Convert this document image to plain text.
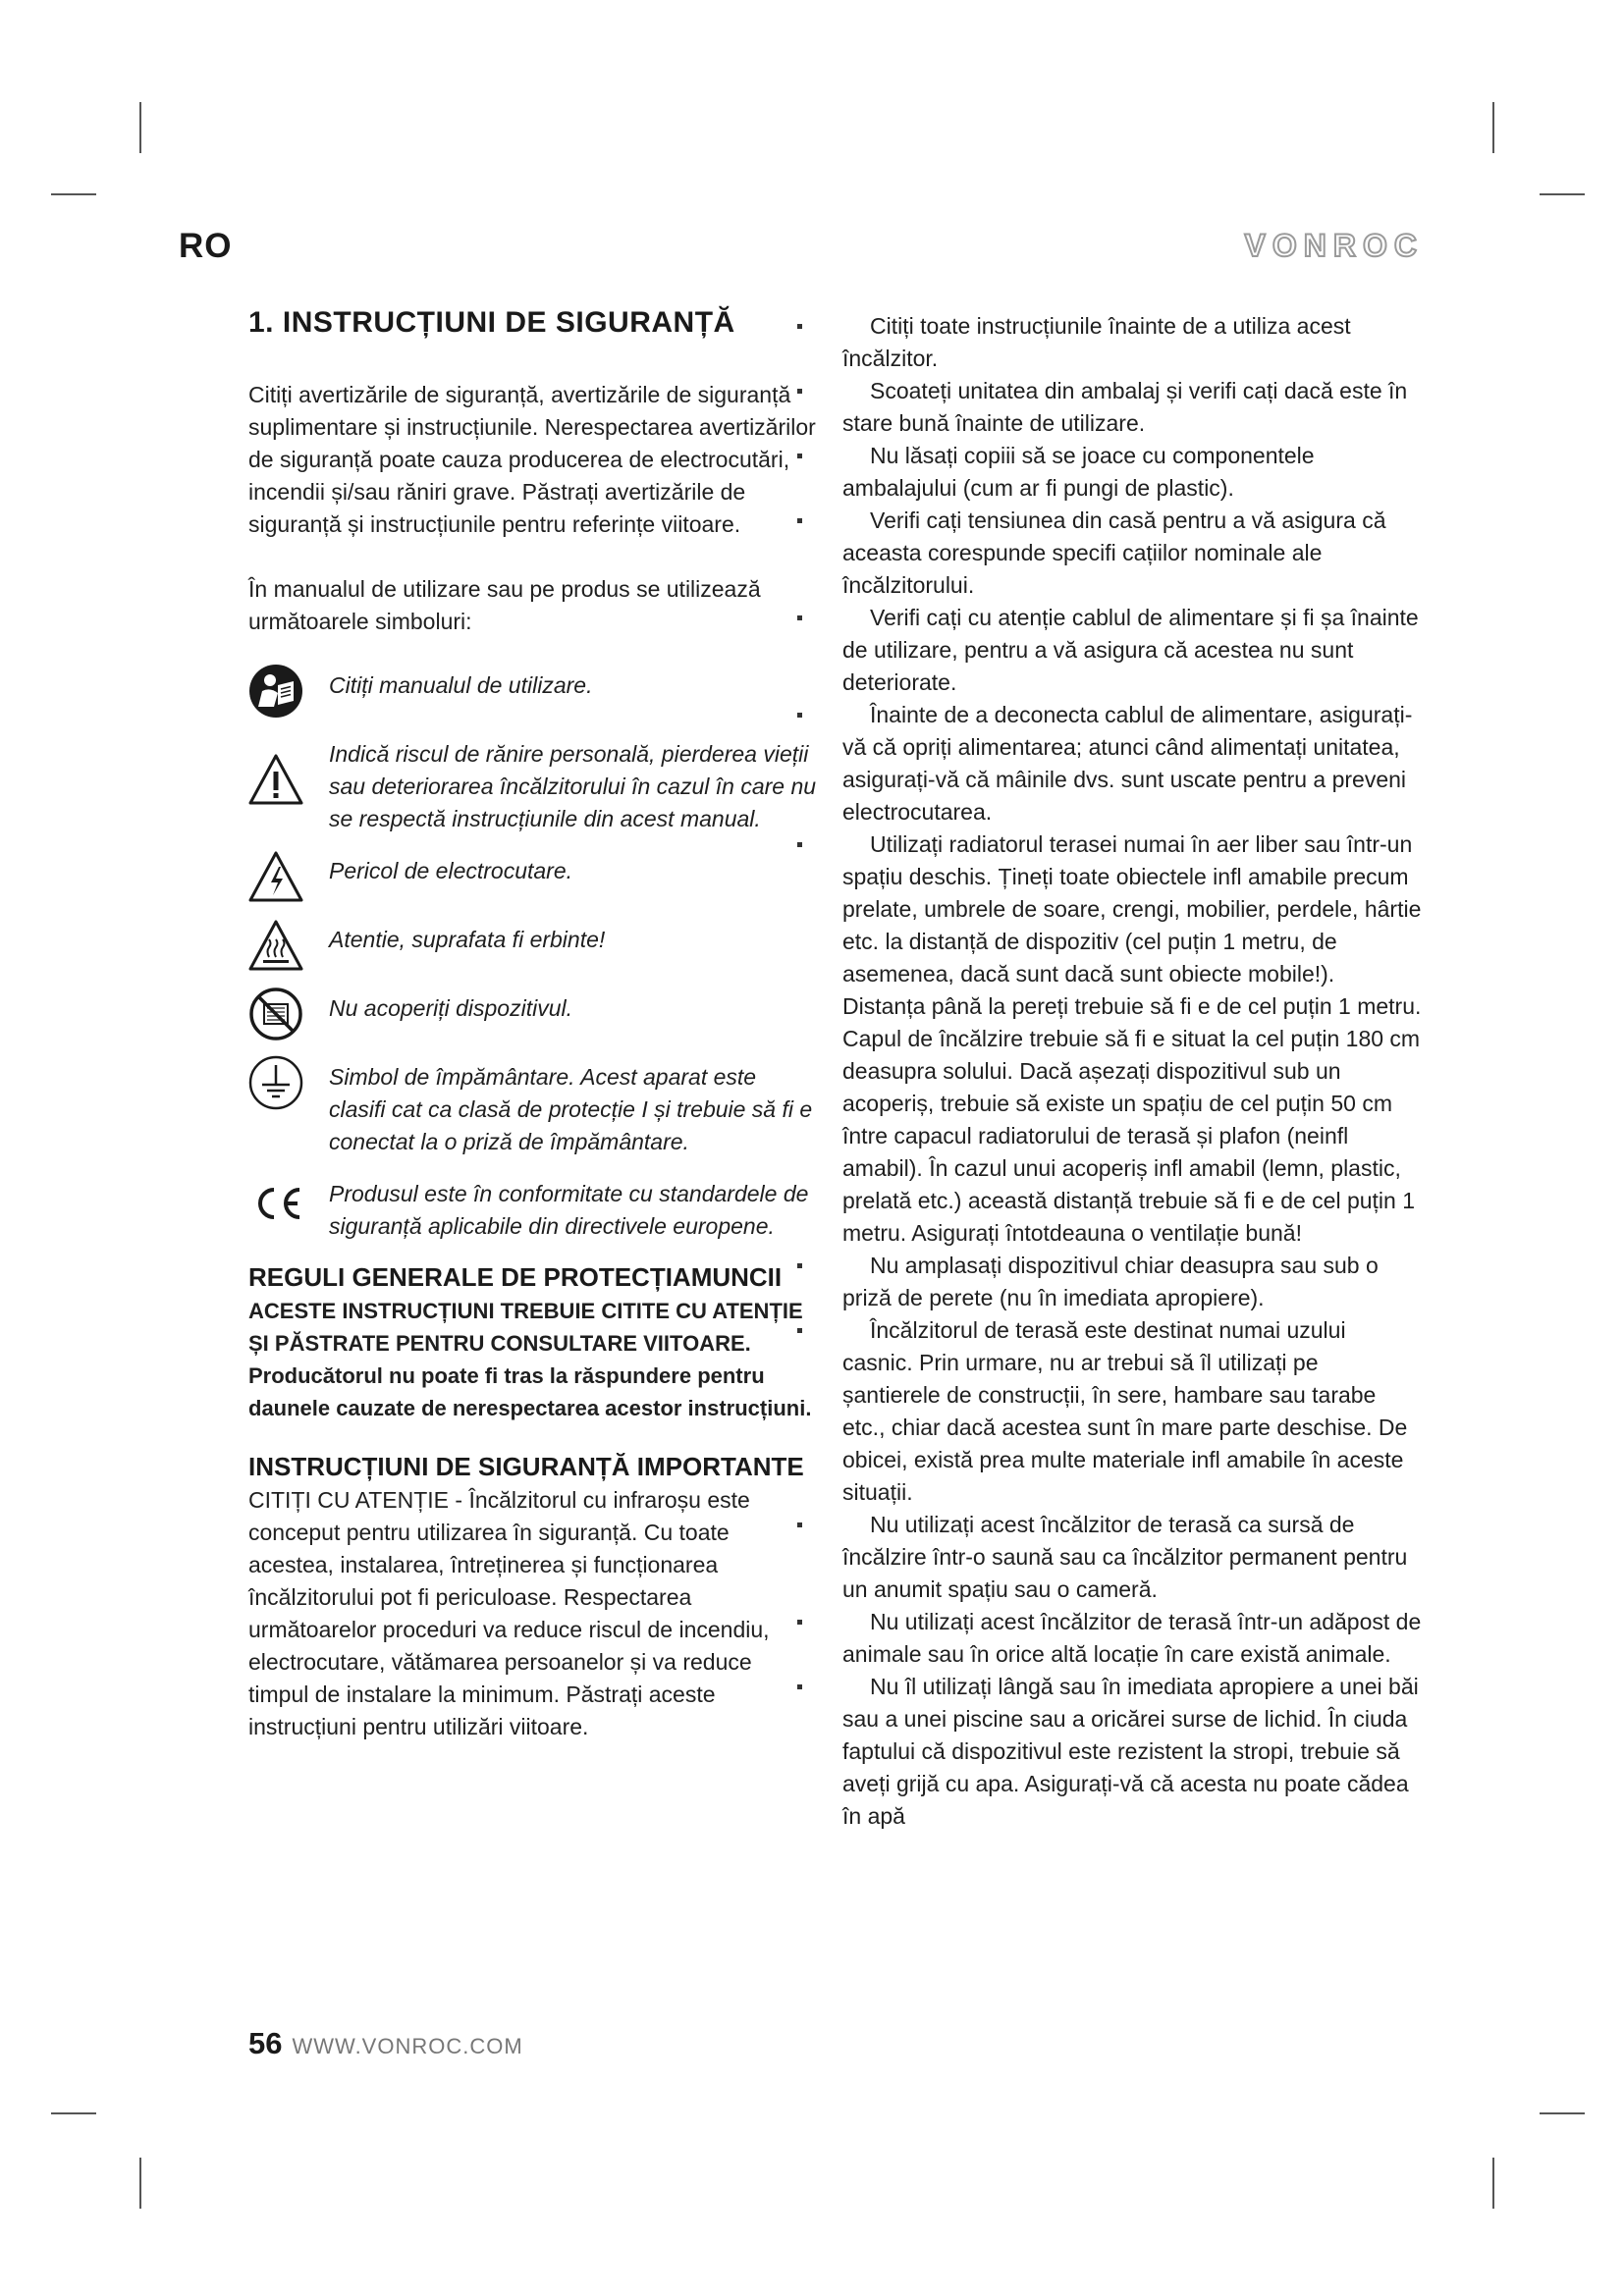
RO	VONROC
1. INSTRUCȚIUNI DE SIGURANȚĂ

Citiți avertizările de siguranță, avertizările de siguranță suplimentare și instrucțiunile. Nerespectarea avertizărilor de siguranță poate cauza producerea de electrocutări, incendii și/sau răniri grave. Păstrați avertizările de siguranță și instrucțiunile pentru referințe viitoare.

În manualul de utilizare sau pe produs se utilizează următoarele simboluri:

Citiți manualul de utilizare.
Indică riscul de rănire personală, pierderea vieții sau deteriorarea încălzitorului în cazul în care nu se respectă instrucțiunile din acest manual.
Pericol de electrocutare.
Atentie, suprafata fi erbinte!
Nu acoperiți dispozitivul.
Simbol de împământare. Acest aparat este clasifi cat ca clasă de protecție I și trebuie să fi e conectat la o priză de împământare.
Produsul este în conformitate cu standardele de siguranță aplicabile din directivele europene.
REGULI GENERALE DE PROTECȚIAMUNCII

ACESTE INSTRUCȚIUNI TREBUIE CITITE CU ATENȚIE ȘI PĂSTRATE PENTRU CONSULTARE VIITOARE.

Producătorul nu poate fi tras la răspundere pentru daunele cauzate de nerespectarea acestor instrucțiuni.

INSTRUCȚIUNI DE SIGURANȚĂ IMPORTANTE

CITIȚI CU ATENȚIE - Încălzitorul cu infraroșu este conceput pentru utilizarea în siguranță. Cu toate acestea, instalarea, întreținerea și funcționarea încălzitorului pot fi periculoase. Respectarea următoarelor proceduri va reduce riscul de incendiu, electrocutare, vătămarea persoanelor și va reduce timpul de instalare la minimum. Păstrați aceste instrucțiuni pentru utilizări viitoare.

Citiți toate instrucțiunile înainte de a utiliza acest încălzitor.
Scoateți unitatea din ambalaj și verifi cați dacă este în stare bună înainte de utilizare.
Nu lăsați copiii să se joace cu componentele ambalajului (cum ar fi pungi de plastic).
Verifi cați tensiunea din casă pentru a vă asigura că aceasta corespunde specifi cațiilor nominale ale încălzitorului.
Verifi cați cu atenție cablul de alimentare și fi șa înainte de utilizare, pentru a vă asigura că acestea nu sunt deteriorate.
Înainte de a deconecta cablul de alimentare, asigurați-vă că opriți alimentarea; atunci când alimentați unitatea, asigurați-vă că mâinile dvs. sunt uscate pentru a preveni electrocutarea.
Utilizați radiatorul terasei numai în aer liber sau într-un spațiu deschis. Țineți toate obiectele infl amabile precum prelate, umbrele de soare, crengi, mobilier, perdele, hârtie etc. la distanță de dispozitiv (cel puțin 1 metru, de asemenea, dacă sunt dacă sunt obiecte mobile!). Distanța până la pereți trebuie să fi e de cel puțin 1 metru. Capul de încălzire trebuie să fi e situat la cel puțin 180 cm deasupra solului. Dacă așezați dispozitivul sub un acoperiș, trebuie să existe un spațiu de cel puțin 50 cm între capacul radiatorului de terasă și plafon (neinfl amabil). În cazul unui acoperiș infl amabil (lemn, plastic, prelată etc.) această distanță trebuie să fi e de cel puțin 1 metru. Asigurați întotdeauna o ventilație bună!
Nu amplasați dispozitivul chiar deasupra sau sub o priză de perete (nu în imediata apropiere).
Încălzitorul de terasă este destinat numai uzului casnic. Prin urmare, nu ar trebui să îl utilizați pe șantierele de construcții, în sere, hambare sau tarabe etc., chiar dacă acestea sunt în mare parte deschise. De obicei, există prea multe materiale infl amabile în aceste situații.
Nu utilizați acest încălzitor de terasă ca sursă de încălzire într-o saună sau ca încălzitor permanent pentru un anumit spațiu sau o cameră.
Nu utilizați acest încălzitor de terasă într-un adăpost de animale sau în orice altă locație în care există animale.
Nu îl utilizați lângă sau în imediata apropiere a unei băi sau a unei piscine sau a oricărei surse de lichid. În ciuda faptului că dispozitivul este rezistent la stropi, trebuie să aveți grijă cu apa. Asigurați-vă că acesta nu poate cădea în apă
56 WWW.VONROC.COM
